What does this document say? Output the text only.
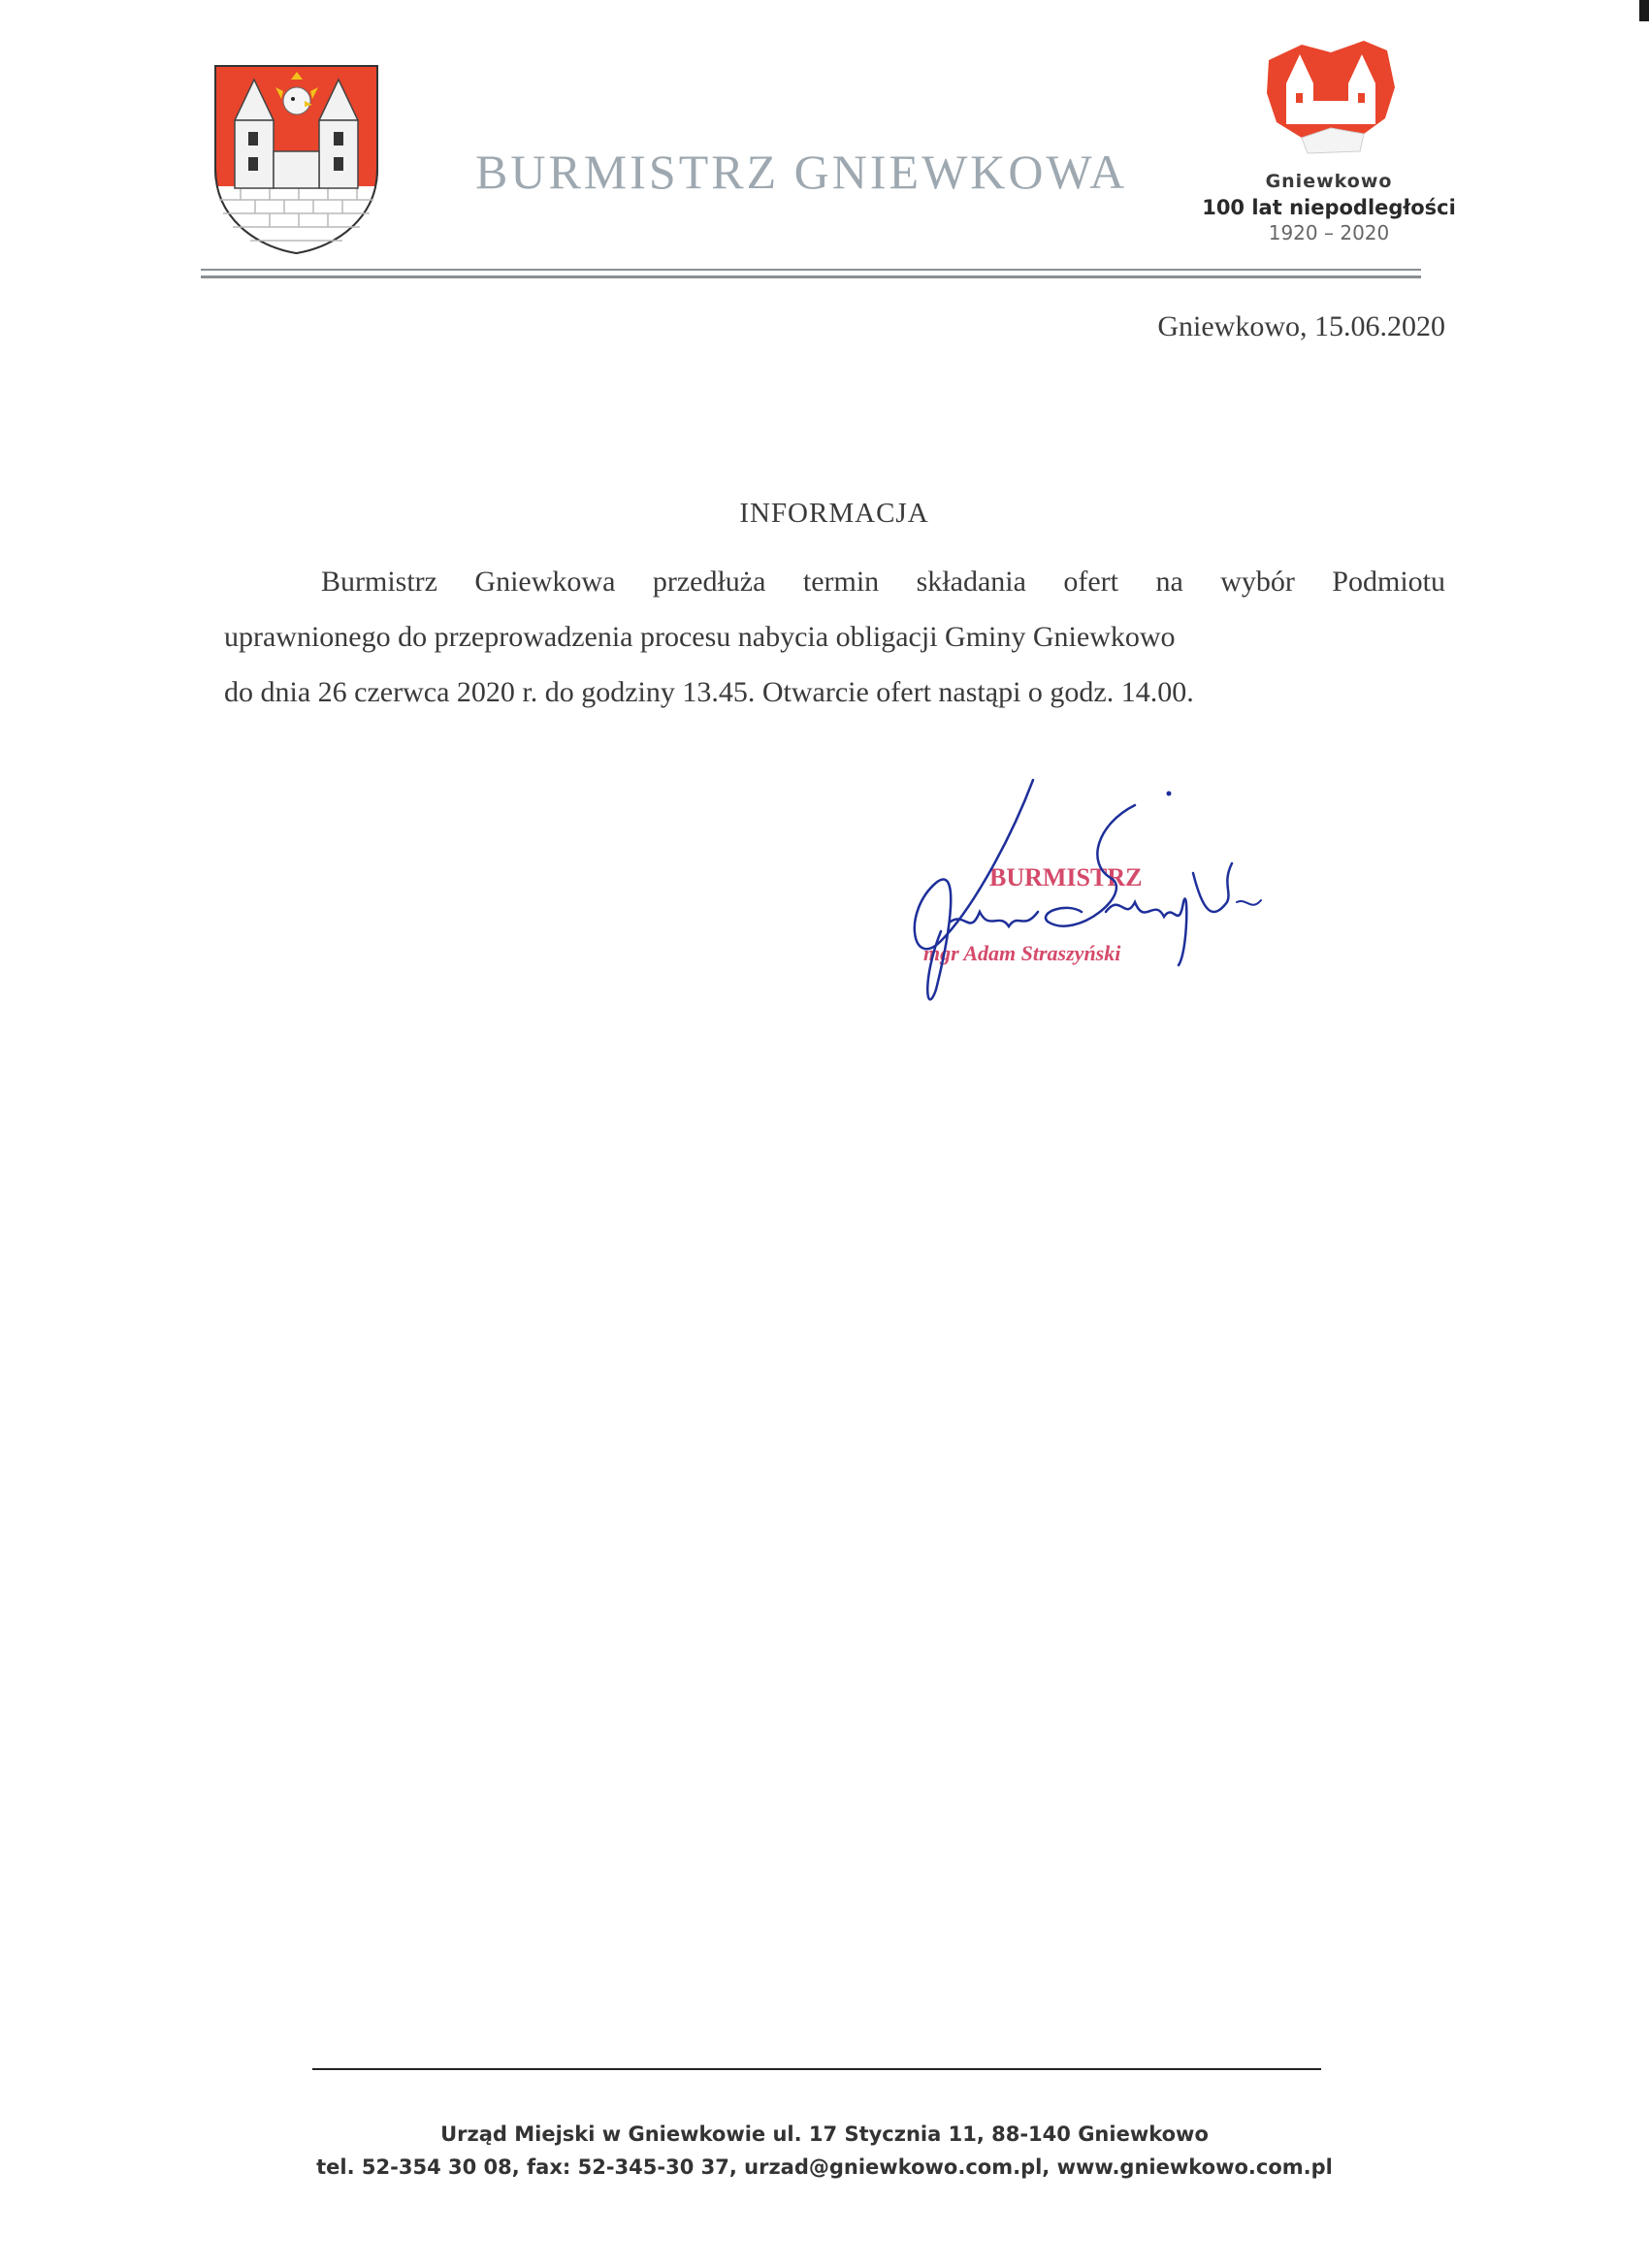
BURMISTRZ GNIEWKOWA	Gniewkowo
100 lat niepodległości
1920 – 2020
Gniewkowo, 15.06.2020
INFORMACJA
Burmistrz Gniewkowa przedłuża termin składania ofert na wybór Podmiotu
uprawnionego do przeprowadzenia procesu nabycia obligacji Gminy Gniewkowo
do dnia 26 czerwca 2020 r. do godziny 13.45. Otwarcie ofert nastąpi o godz. 14.00.
BURMISTRZ
mgr Adam Straszyński
Urząd Miejski w Gniewkowie ul. 17 Stycznia 11, 88-140 Gniewkowo
tel. 52-354 30 08, fax: 52-345-30 37, urzad@gniewkowo.com.pl, www.gniewkowo.com.pl
